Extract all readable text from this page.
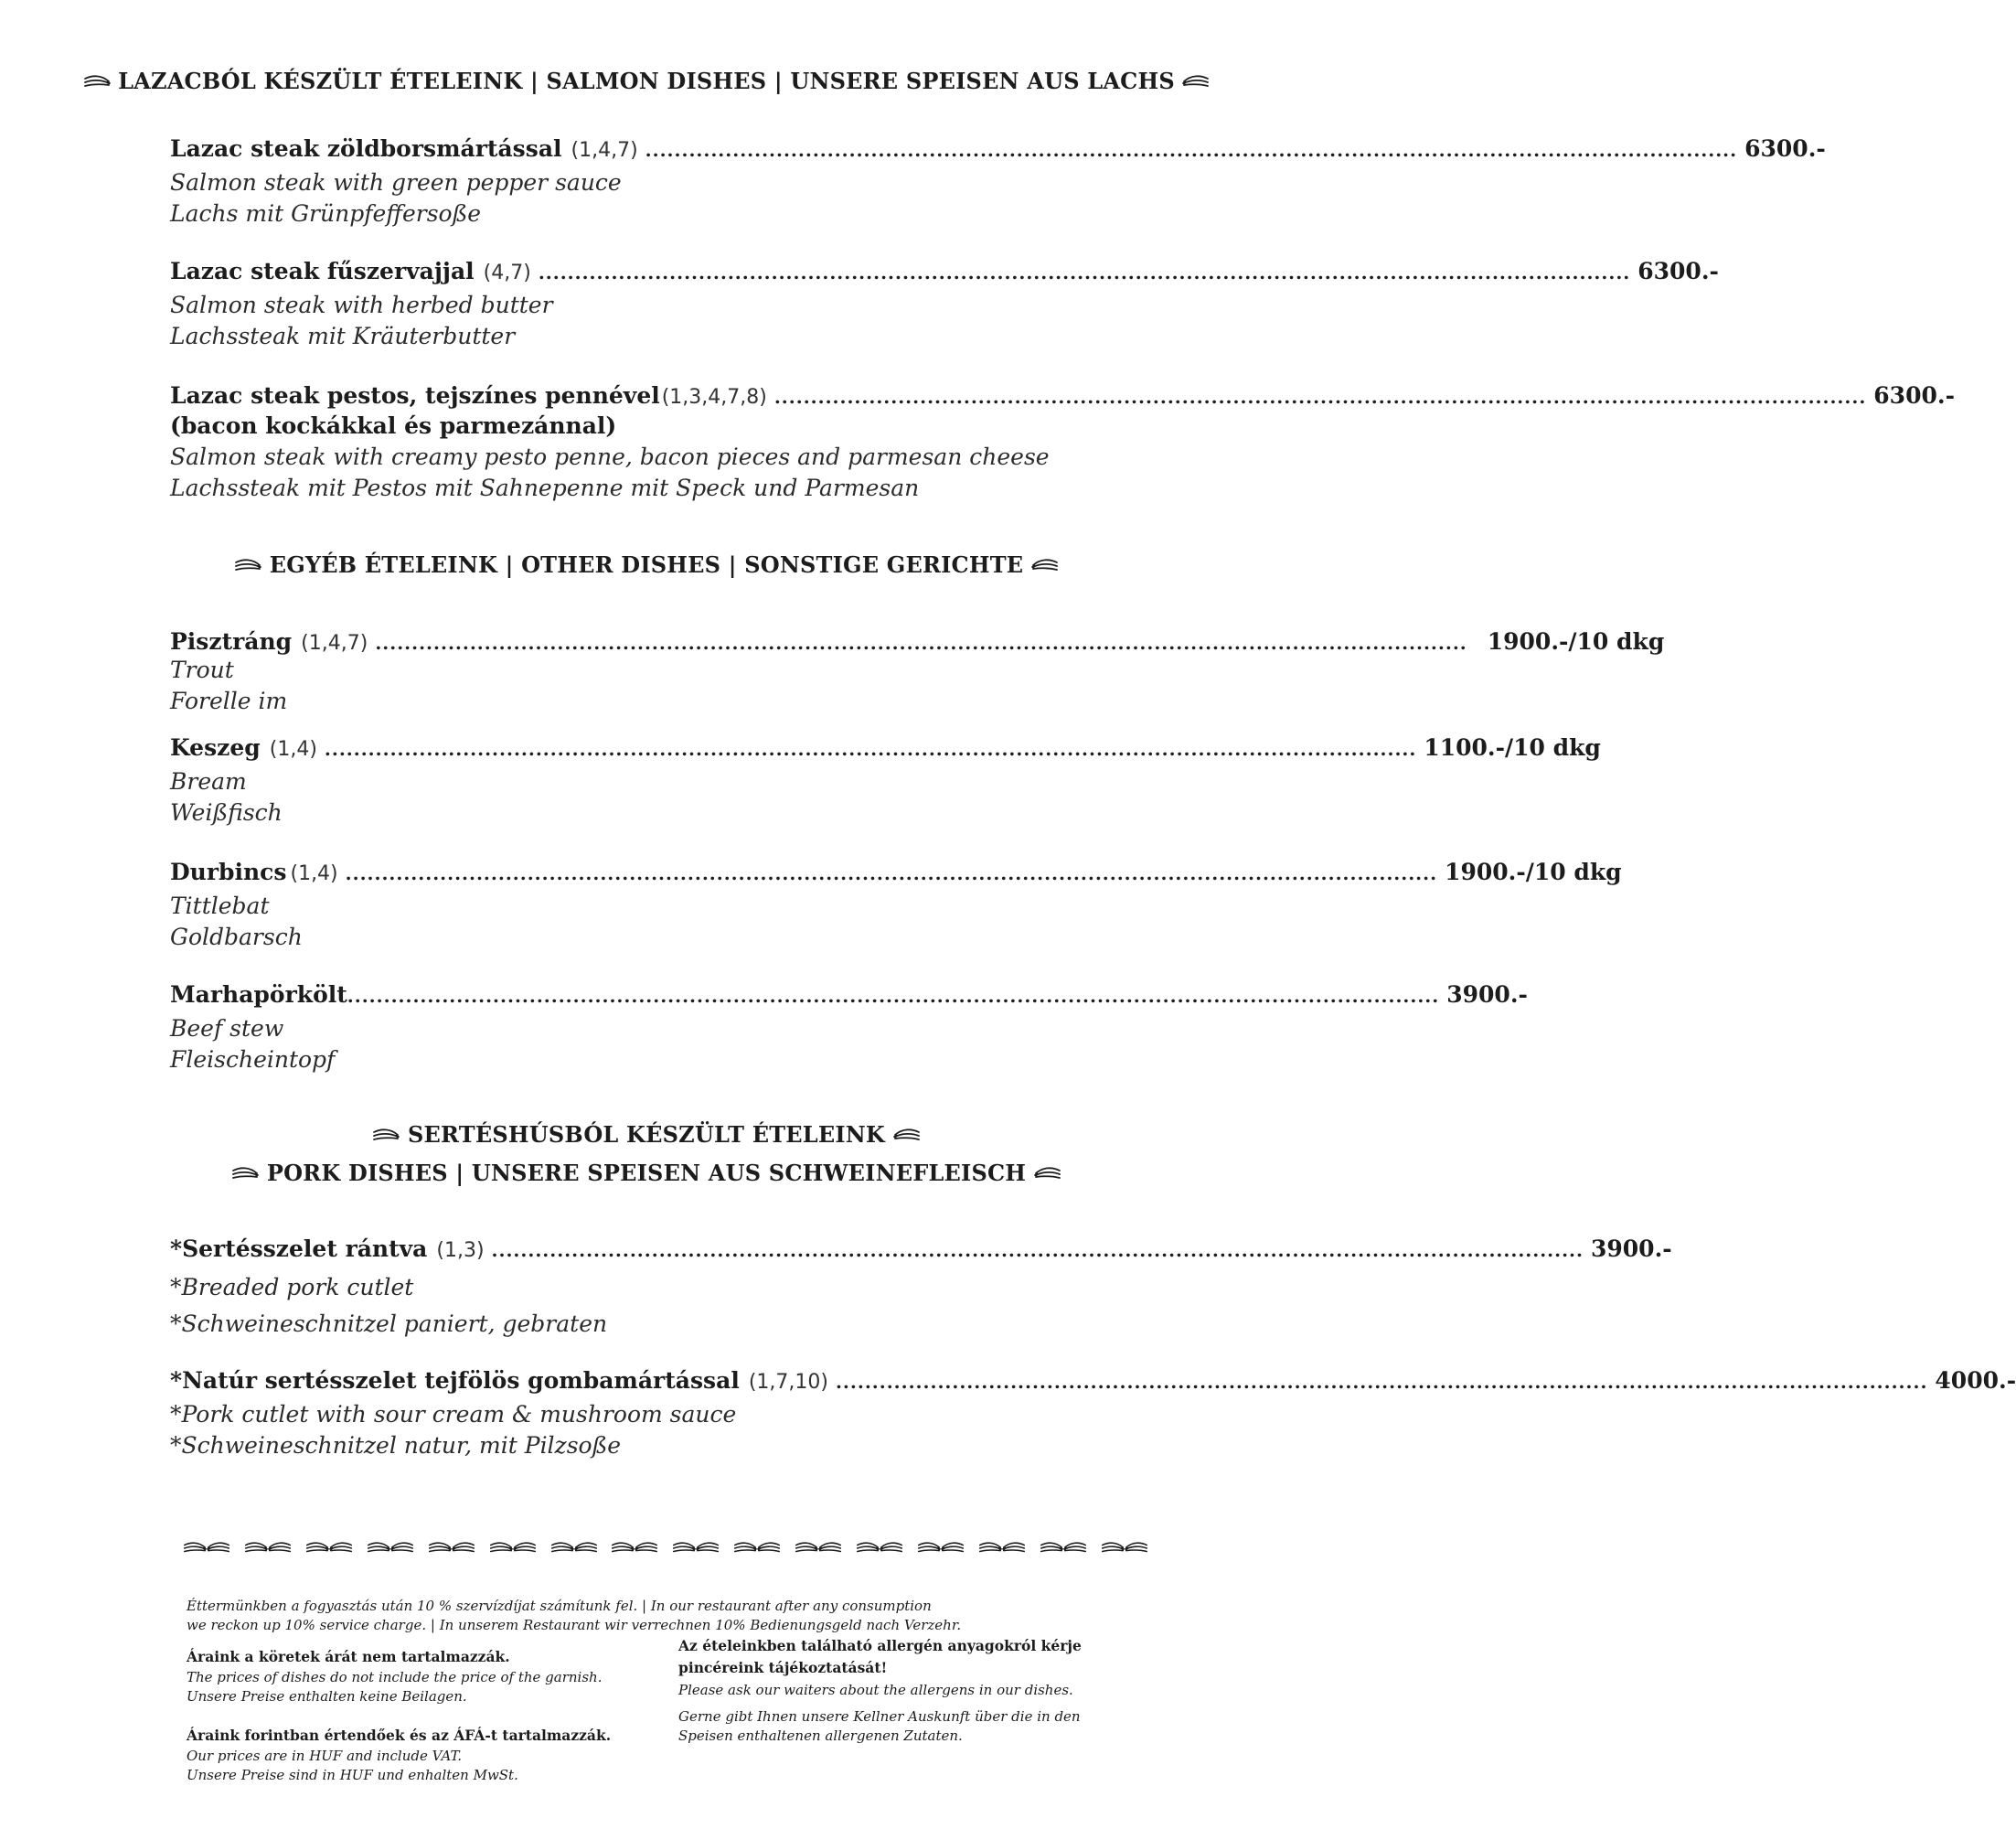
LAZACBÓL KÉSZÜLT ÉTELEINK | SALMON DISHES | UNSERE SPEISEN AUS LACHS
Lazac steak zöldborsmártással (1,4,7) ...................................................................................................................................................... 6300.-
Salmon steak with green pepper sauce
Lachs mit Grünpfeffersoße
Lazac steak fűszervajjal (4,7) ...................................................................................................................................................... 6300.-
Salmon steak with herbed butter
Lachssteak mit Kräuterbutter
Lazac steak pestos, tejszínes pennével (1,3,4,7,8) ...................................................................................................................................................... 6300.-
(bacon kockákkal és parmezánnal)
Salmon steak with creamy pesto penne, bacon pieces and parmesan cheese
Lachssteak mit Pestos mit Sahnepenne mit Speck und Parmesan
EGYÉB ÉTELEINK | OTHER DISHES | SONSTIGE GERICHTE
Pisztráng (1,4,7) ...................................................................................................................................................... 1900.-/10 dkg
Trout
Forelle im
Keszeg (1,4) ...................................................................................................................................................... 1100.-/10 dkg
Bream
Weißfisch
Durbincs (1,4) ...................................................................................................................................................... 1900.-/10 dkg
Tittlebat
Goldbarsch
Marhapörkölt ...................................................................................................................................................... 3900.-
Beef stew
Fleischeintopf
SERTÉSHÚSBÓL KÉSZÜLT ÉTELEINK
PORK DISHES | UNSERE SPEISEN AUS SCHWEINEFLEISCH
*Sertésszelet rántva (1,3) ...................................................................................................................................................... 3900.-
*Breaded pork cutlet
*Schweineschnitzel paniert, gebraten
*Natúr sertésszelet tejfölös gombamártással (1,7,10) ...................................................................................................................................................... 4000.-
*Pork cutlet with sour cream & mushroom sauce
*Schweineschnitzel natur, mit Pilzsoße
Éttermünkben a fogyasztás után 10 % szervízdíjat számítunk fel. | In our restaurant after any consumption
we reckon up 10% service charge. | In unserem Restaurant wir verrechnen 10% Bedienungsgeld nach Verzehr.
Áraink a köretek árát nem tartalmazzák.
The prices of dishes do not include the price of the garnish.
Unsere Preise enthalten keine Beilagen.
Áraink forintban értendőek és az ÁFÁ-t tartalmazzák.
Our prices are in HUF and include VAT.
Unsere Preise sind in HUF und enhalten MwSt.
Az ételeinkben található allergén anyagokról kérje
pincéreink tájékoztatását!
Please ask our waiters about the allergens in our dishes.
Gerne gibt Ihnen unsere Kellner Auskunft über die in den
Speisen enthaltenen allergenen Zutaten.
